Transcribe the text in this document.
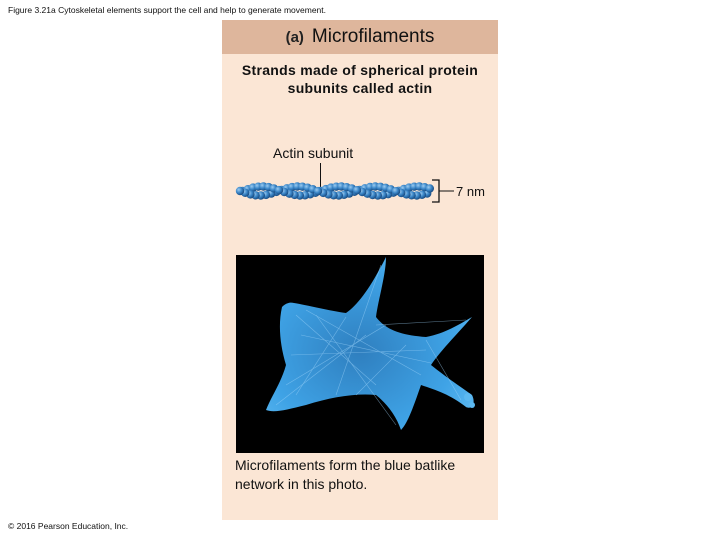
Figure 3.21a Cytoskeletal elements support the cell and help to generate movement.
(a) Microfilaments
Strands made of spherical protein subunits called actin
Actin subunit
7 nm
Microfilaments form the blue batlike network in this photo.
© 2016 Pearson Education, Inc.
